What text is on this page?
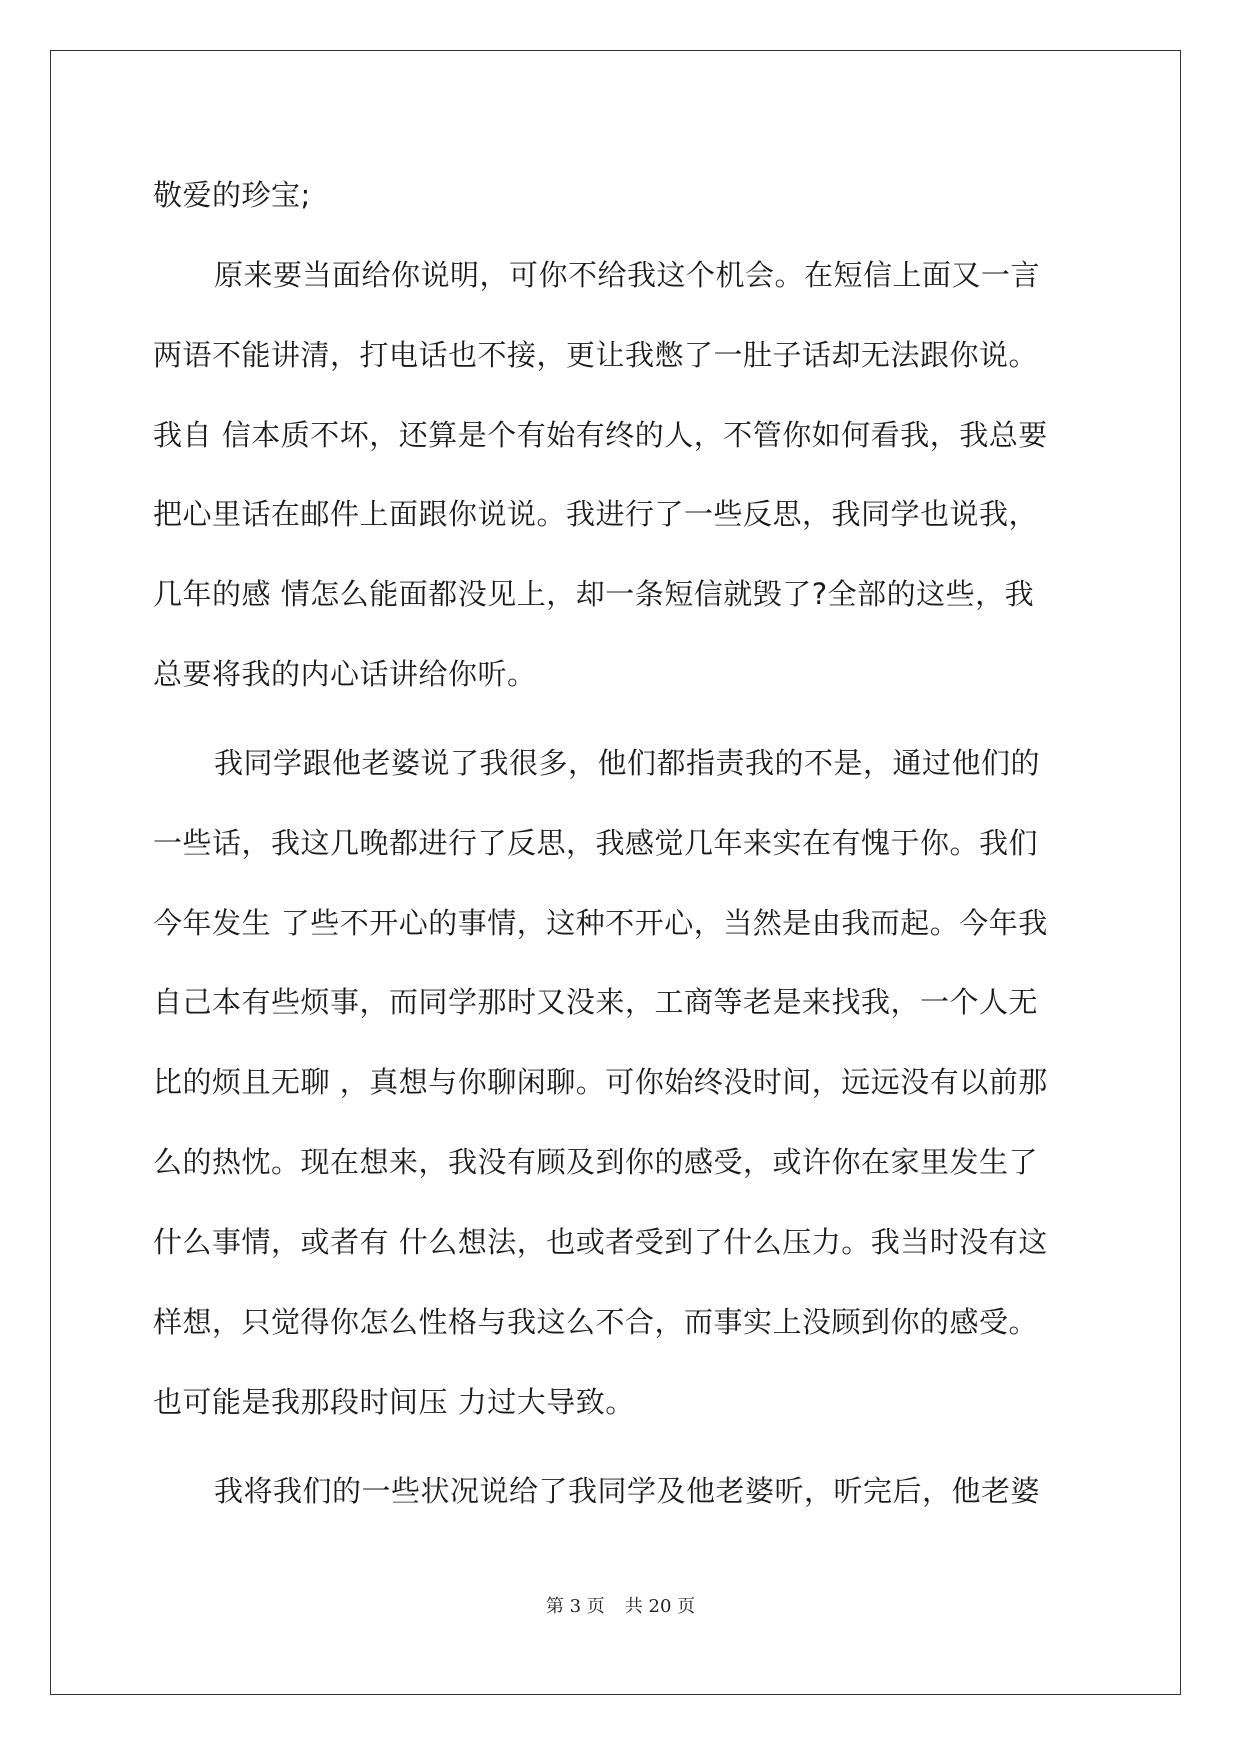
敬爱的珍宝;
原来要当面给你说明，可你不给我这个机会。在短信上面又一言
两语不能讲清，打电话也不接，更让我憋了一肚子话却无法跟你说。
我自 信本质不坏，还算是个有始有终的人，不管你如何看我，我总要
把心里话在邮件上面跟你说说。我进行了一些反思，我同学也说我，
几年的感 情怎么能面都没见上，却一条短信就毁了?全部的这些，我
总要将我的内心话讲给你听。
我同学跟他老婆说了我很多，他们都指责我的不是，通过他们的
一些话，我这几晚都进行了反思，我感觉几年来实在有愧于你。我们
今年发生 了些不开心的事情，这种不开心，当然是由我而起。今年我
自己本有些烦事，而同学那时又没来，工商等老是来找我，一个人无
比的烦且无聊 ，真想与你聊闲聊。可你始终没时间，远远没有以前那
么的热忱。现在想来，我没有顾及到你的感受，或许你在家里发生了
什么事情，或者有 什么想法，也或者受到了什么压力。我当时没有这
样想，只觉得你怎么性格与我这么不合，而事实上没顾到你的感受。
也可能是我那段时间压 力过大导致。
我将我们的一些状况说给了我同学及他老婆听，听完后，他老婆
第 3 页 共 20 页
